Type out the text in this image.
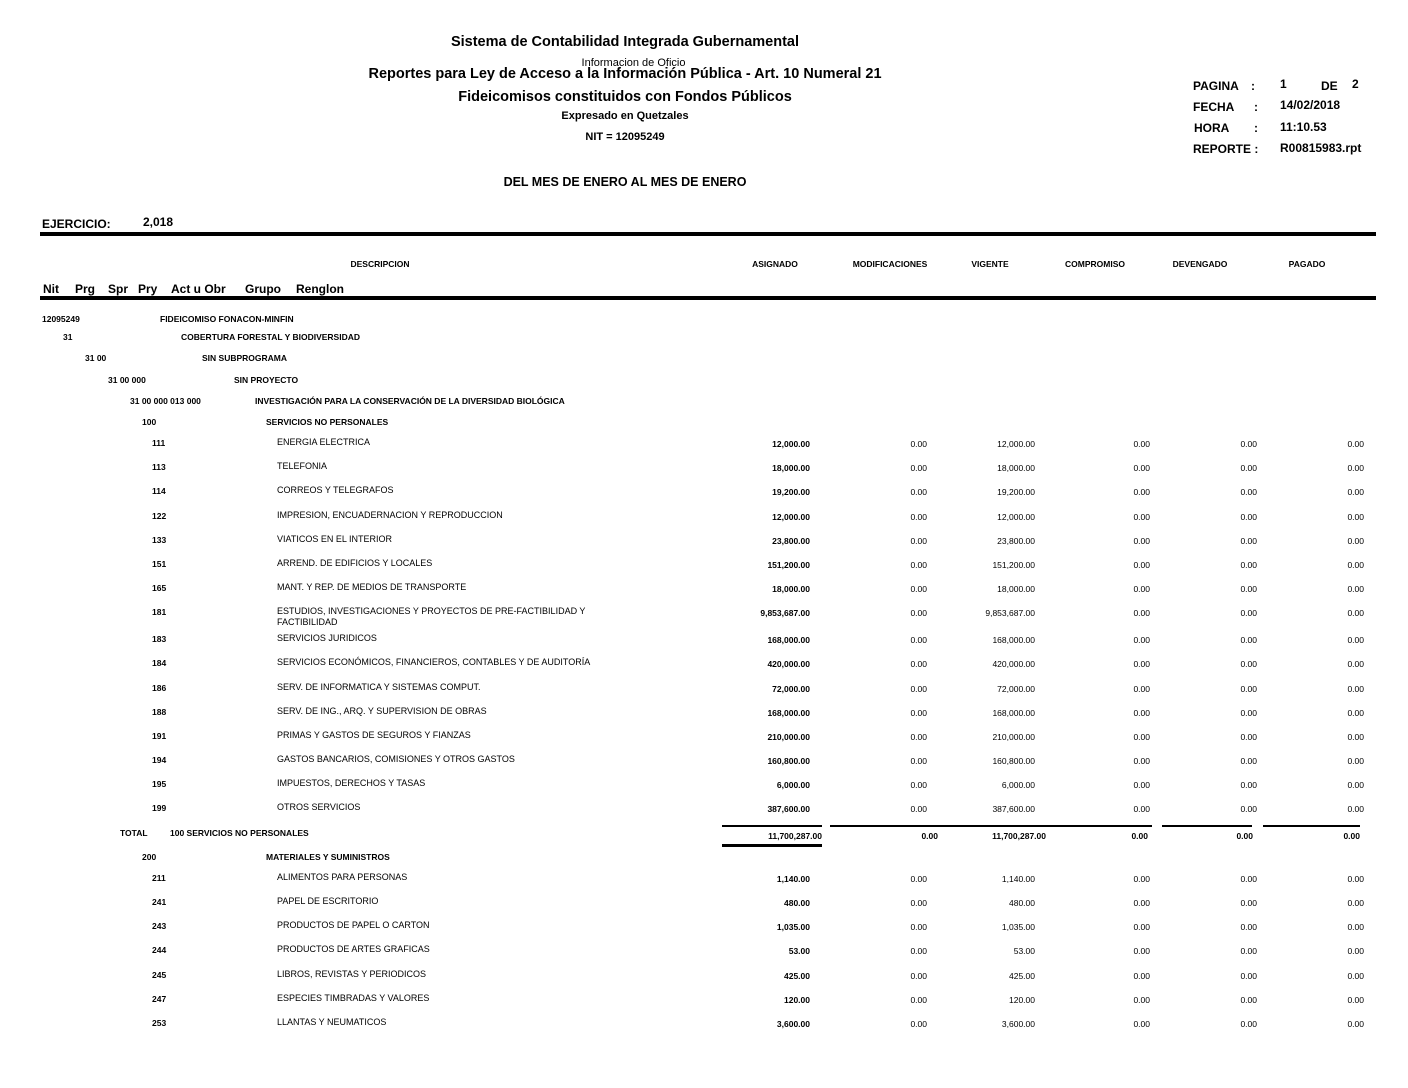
Sistema de Contabilidad Integrada Gubernamental
Informacion de Oficio
Reportes para Ley de Acceso a la Información Pública - Art. 10 Numeral 21
Fideicomisos constituidos con Fondos Públicos
Expresado en Quetzales
NIT = 12095249
PAGINA : 1	DE 2
FECHA : 14/02/2018
HORA : 11:10.53
REPORTE : R00815983.rpt
DEL MES DE ENERO AL MES DE ENERO
EJERCICIO:	2,018
DESCRIPCION	ASIGNADO	MODIFICACIONES	VIGENTE	COMPROMISO	DEVENGADO	PAGADO
Nit Prg Spr Pry Act u Obr Grupo Renglon
12095249	FIDEICOMISO FONACON-MINFIN
31	COBERTURA FORESTAL Y BIODIVERSIDAD
31 00	SIN SUBPROGRAMA
31 00 000	SIN PROYECTO
31 00 000 013 000	INVESTIGACIÓN PARA LA CONSERVACIÓN DE LA DIVERSIDAD BIOLÓGICA
100	SERVICIOS NO PERSONALES
111	ENERGIA ELECTRICA	12,000.00	0.00	12,000.00	0.00	0.00	0.00
113	TELEFONIA	18,000.00	0.00	18,000.00	0.00	0.00	0.00
114	CORREOS Y TELEGRAFOS	19,200.00	0.00	19,200.00	0.00	0.00	0.00
122	IMPRESION, ENCUADERNACION Y REPRODUCCION	12,000.00	0.00	12,000.00	0.00	0.00	0.00
133	VIATICOS EN EL INTERIOR	23,800.00	0.00	23,800.00	0.00	0.00	0.00
151	ARREND. DE EDIFICIOS Y LOCALES	151,200.00	0.00	151,200.00	0.00	0.00	0.00
165	MANT. Y REP. DE MEDIOS DE TRANSPORTE	18,000.00	0.00	18,000.00	0.00	0.00	0.00
181	ESTUDIOS, INVESTIGACIONES Y PROYECTOS DE PRE-FACTIBILIDAD Y
FACTIBILIDAD
9,853,687.00	0.00	9,853,687.00	0.00	0.00	0.00
183	SERVICIOS JURIDICOS	168,000.00	0.00	168,000.00	0.00	0.00	0.00
184	SERVICIOS ECONÓMICOS, FINANCIEROS, CONTABLES Y DE AUDITORÍA	420,000.00	0.00	420,000.00	0.00	0.00	0.00
186	SERV. DE INFORMATICA Y SISTEMAS COMPUT.	72,000.00	0.00	72,000.00	0.00	0.00	0.00
188	SERV. DE ING., ARQ. Y SUPERVISION DE OBRAS	168,000.00	0.00	168,000.00	0.00	0.00	0.00
191	PRIMAS Y GASTOS DE SEGUROS Y FIANZAS	210,000.00	0.00	210,000.00	0.00	0.00	0.00
194	GASTOS BANCARIOS, COMISIONES Y OTROS GASTOS	160,800.00	0.00	160,800.00	0.00	0.00	0.00
195	IMPUESTOS, DERECHOS Y TASAS	6,000.00	0.00	6,000.00	0.00	0.00	0.00
199	OTROS SERVICIOS	387,600.00	0.00	387,600.00	0.00	0.00	0.00
TOTAL	100 SERVICIOS NO PERSONALES	11,700,287.00	0.00	11,700,287.00	0.00	0.00	0.00
200	MATERIALES Y SUMINISTROS
211	ALIMENTOS PARA PERSONAS	1,140.00	0.00	1,140.00	0.00	0.00	0.00
241	PAPEL DE ESCRITORIO	480.00	0.00	480.00	0.00	0.00	0.00
243	PRODUCTOS DE PAPEL O CARTON	1,035.00	0.00	1,035.00	0.00	0.00	0.00
244	PRODUCTOS DE ARTES GRAFICAS	53.00	0.00	53.00	0.00	0.00	0.00
245	LIBROS, REVISTAS Y PERIODICOS	425.00	0.00	425.00	0.00	0.00	0.00
247	ESPECIES TIMBRADAS Y VALORES	120.00	0.00	120.00	0.00	0.00	0.00
253	LLANTAS Y NEUMATICOS	3,600.00	0.00	3,600.00	0.00	0.00	0.00
